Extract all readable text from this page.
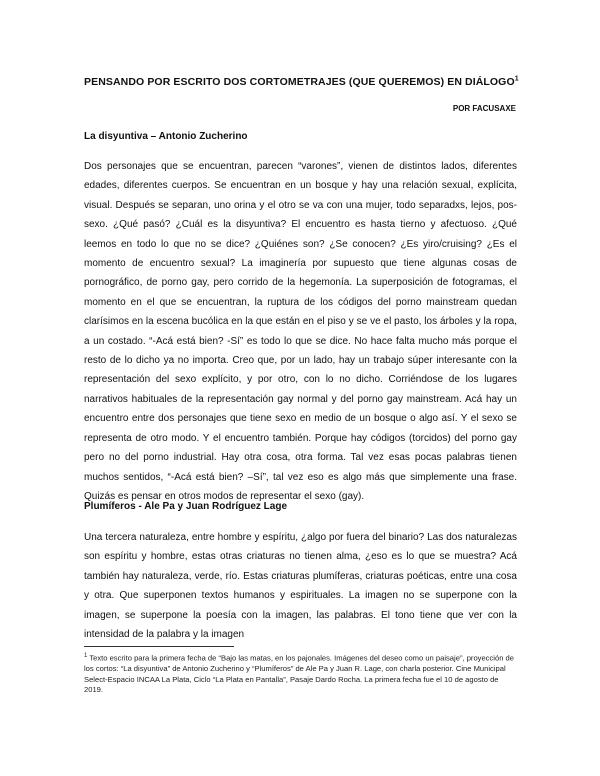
PENSANDO POR ESCRITO DOS CORTOMETRAJES (QUE QUEREMOS) EN DIÁLOGO$^1$
POR FACUSAXE
La disyuntiva – Antonio Zucherino
Dos personajes que se encuentran, parecen “varones”, vienen de distintos lados, diferentes edades, diferentes cuerpos. Se encuentran en un bosque y hay una relación sexual, explícita, visual. Después se separan, uno orina y el otro se va con una mujer, todo separadxs, lejos, pos-sexo. ¿Qué pasó? ¿Cuál es la disyuntiva? El encuentro es hasta tierno y afectuoso. ¿Qué leemos en todo lo que no se dice? ¿Quiénes son? ¿Se conocen? ¿Es yiro/cruising? ¿Es el momento de encuentro sexual? La imaginería por supuesto que tiene algunas cosas de pornográfico, de porno gay, pero corrido de la hegemonía. La superposición de fotogramas, el momento en el que se encuentran, la ruptura de los códigos del porno mainstream quedan clarísimos en la escena bucólica en la que están en el piso y se ve el pasto, los árboles y la ropa, a un costado. “-Acá está bien? -Sí” es todo lo que se dice. No hace falta mucho más porque el resto de lo dicho ya no importa. Creo que, por un lado, hay un trabajo súper interesante con la representación del sexo explícito, y por otro, con lo no dicho. Corriéndose de los lugares narrativos habituales de la representación gay normal y del porno gay mainstream. Acá hay un encuentro entre dos personajes que tiene sexo en medio de un bosque o algo así. Y el sexo se representa de otro modo. Y el encuentro también. Porque hay códigos (torcidos) del porno gay pero no del porno industrial. Hay otra cosa, otra forma. Tal vez esas pocas palabras tienen muchos sentidos, “-Acá está bien? –Sí”, tal vez eso es algo más que simplemente una frase. Quizás es pensar en otros modos de representar el sexo (gay).
Plumíferos - Ale Pa y Juan Rodríguez Lage
Una tercera naturaleza, entre hombre y espíritu, ¿algo por fuera del binario? Las dos naturalezas son espíritu y hombre, estas otras criaturas no tienen alma, ¿eso es lo que se muestra? Acá también hay naturaleza, verde, río. Estas criaturas plumíferas, criaturas poéticas, entre una cosa y otra. Que superponen textos humanos y espirituales. La imagen no se superpone con la imagen, se superpone la poesía con la imagen, las palabras. El tono tiene que ver con la intensidad de la palabra y la imagen
$^1$ Texto escrito para la primera fecha de “Bajo las matas, en los pajonales. Imágenes del deseo como un paisaje”, proyección de los cortos: “La disyuntiva” de Antonio Zucherino y “Plumíferos” de Ale Pa y Juan R. Lage, con charla posterior. Cine Municipal Select-Espacio INCAA La Plata, Ciclo “La Plata en Pantalla”, Pasaje Dardo Rocha. La primera fecha fue el 10 de agosto de 2019.
